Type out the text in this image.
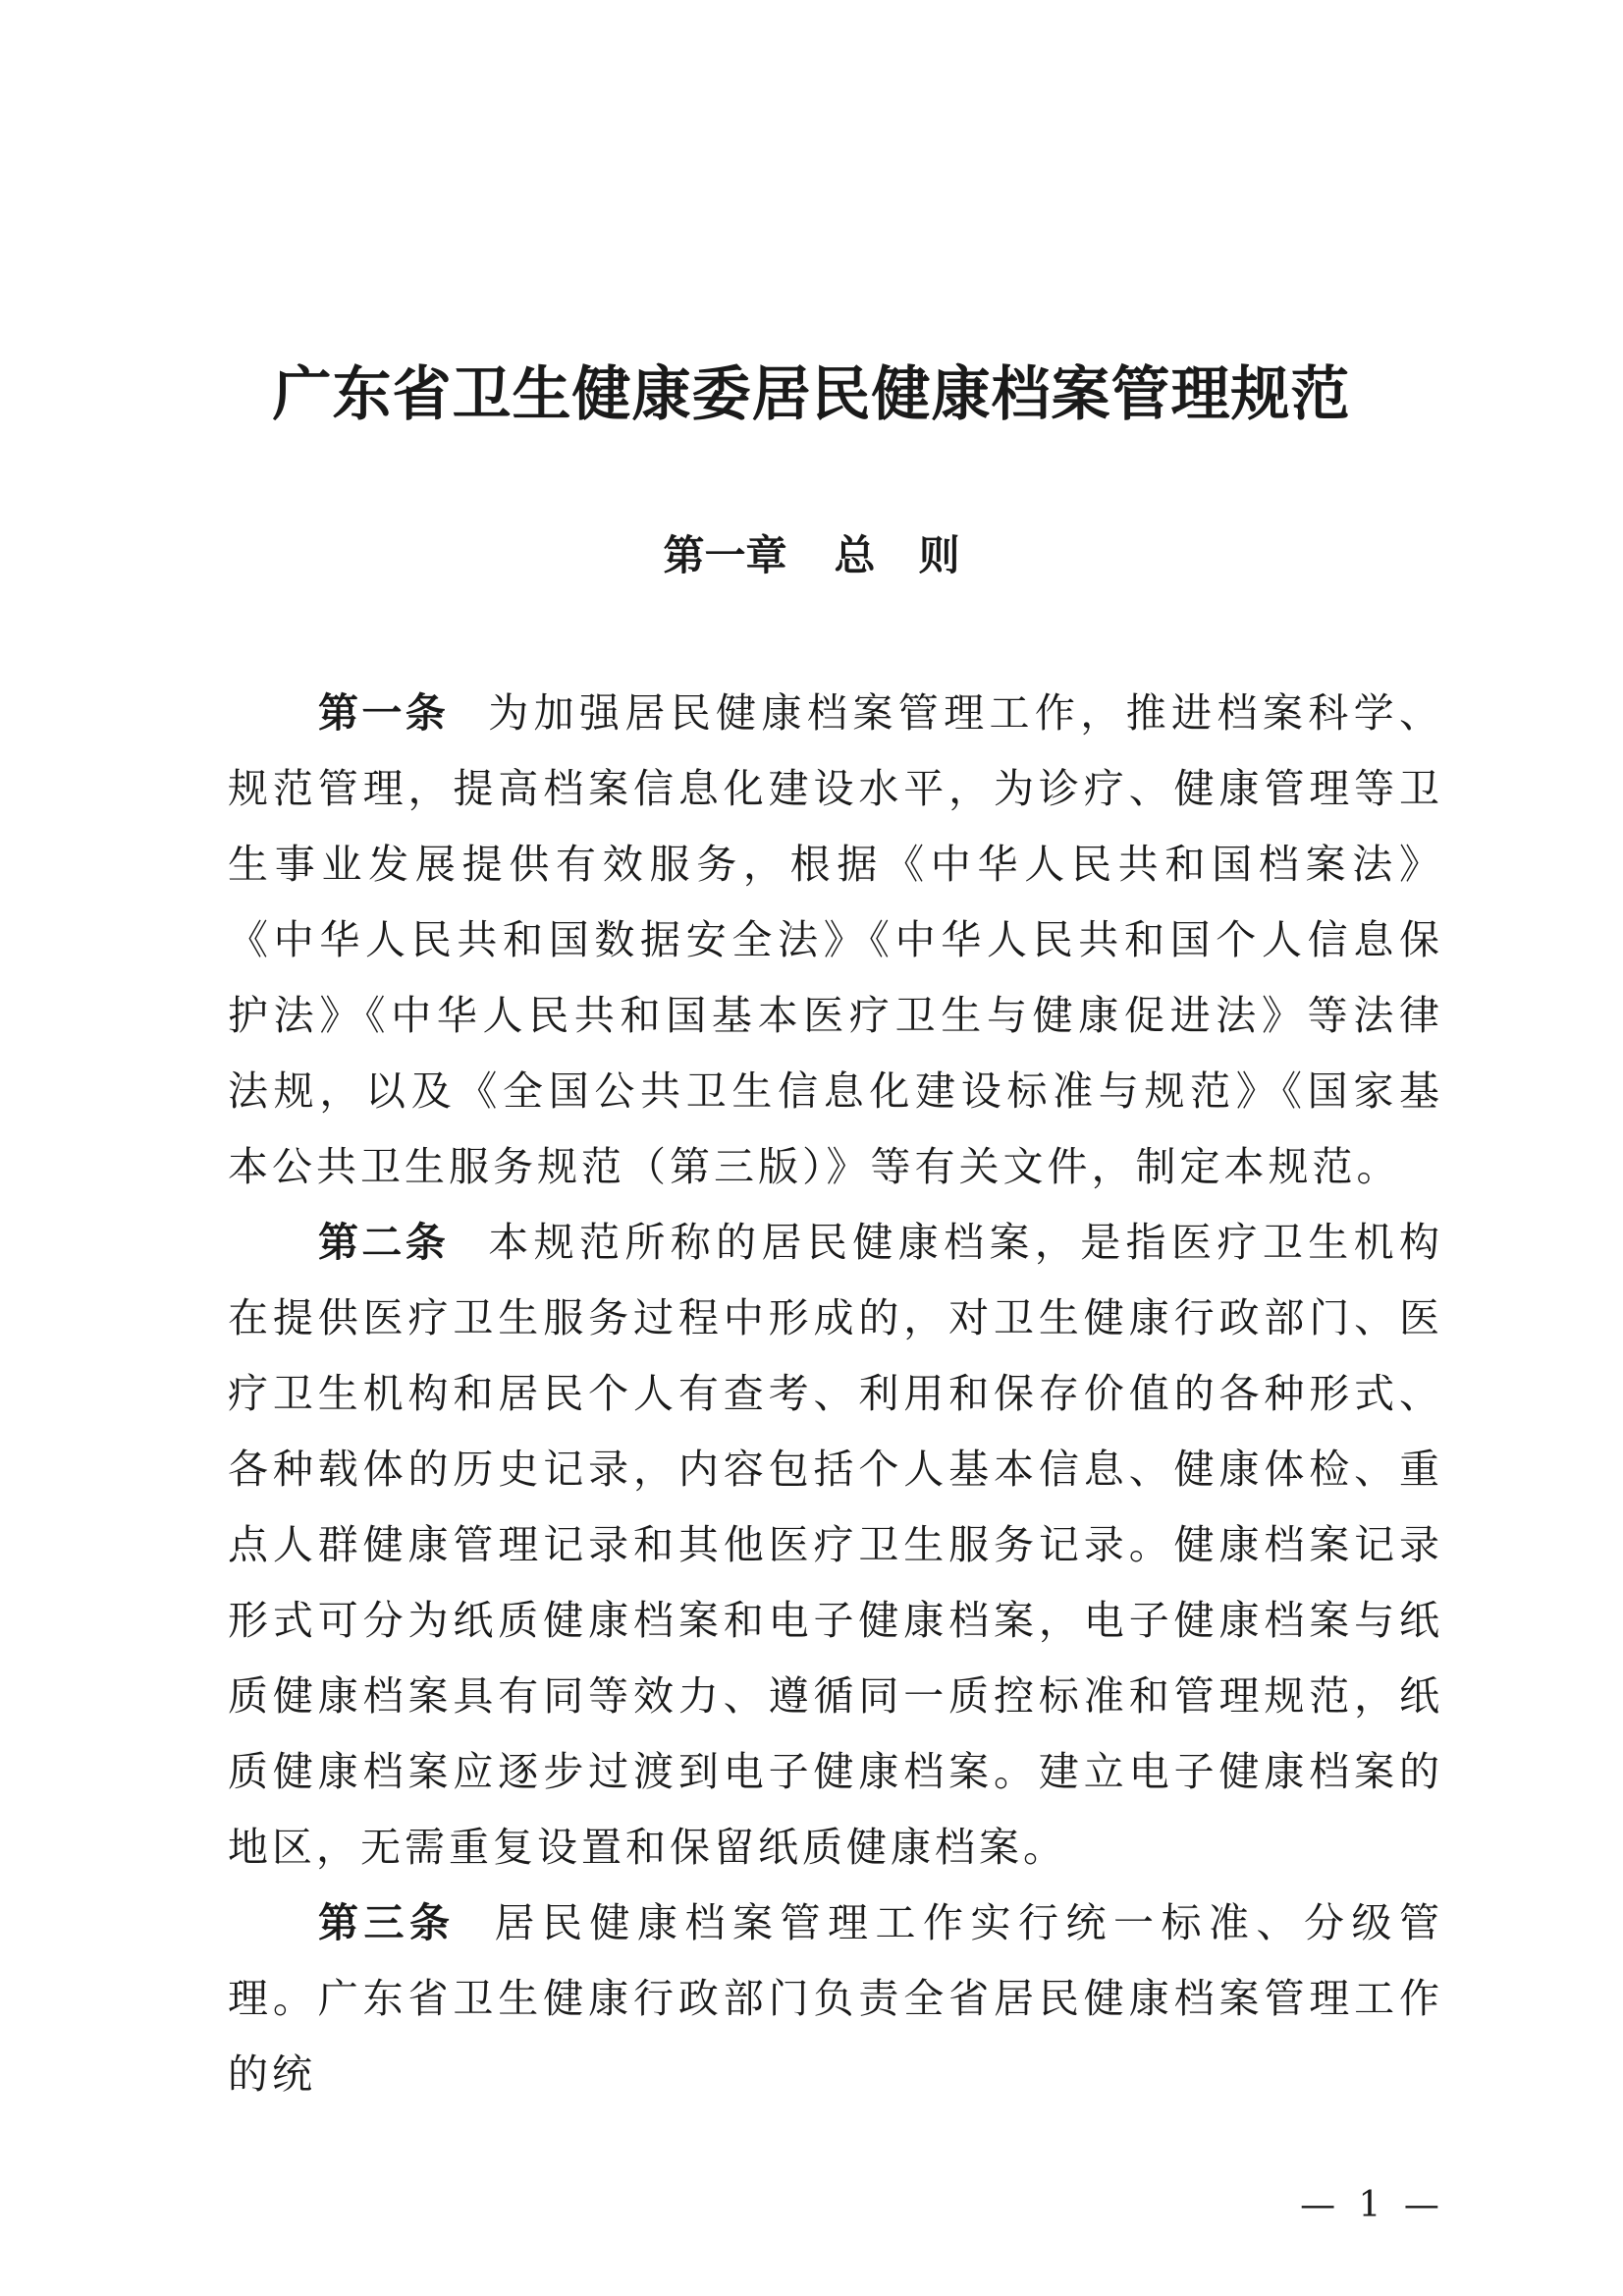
广东省卫生健康委居民健康档案管理规范
第一章 总 则

第一条 为加强居民健康档案管理工作，推进档案科学、规范管理，提高档案信息化建设水平，为诊疗、健康管理等卫生事业发展提供有效服务，根据《中华人民共和国档案法》《中华人民共和国数据安全法》《中华人民共和国个人信息保护法》《中华人民共和国基本医疗卫生与健康促进法》等法律法规，以及《全国公共卫生信息化建设标准与规范》《国家基本公共卫生服务规范（第三版）》等有关文件，制定本规范。

第二条 本规范所称的居民健康档案，是指医疗卫生机构在提供医疗卫生服务过程中形成的，对卫生健康行政部门、医疗卫生机构和居民个人有查考、利用和保存价值的各种形式、各种载体的历史记录，内容包括个人基本信息、健康体检、重点人群健康管理记录和其他医疗卫生服务记录。健康档案记录形式可分为纸质健康档案和电子健康档案，电子健康档案与纸质健康档案具有同等效力、遵循同一质控标准和管理规范，纸质健康档案应逐步过渡到电子健康档案。建立电子健康档案的地区，无需重复设置和保留纸质健康档案。

第三条 居民健康档案管理工作实行统一标准、分级管理。广东省卫生健康行政部门负责全省居民健康档案管理工作的统

— 1 —
